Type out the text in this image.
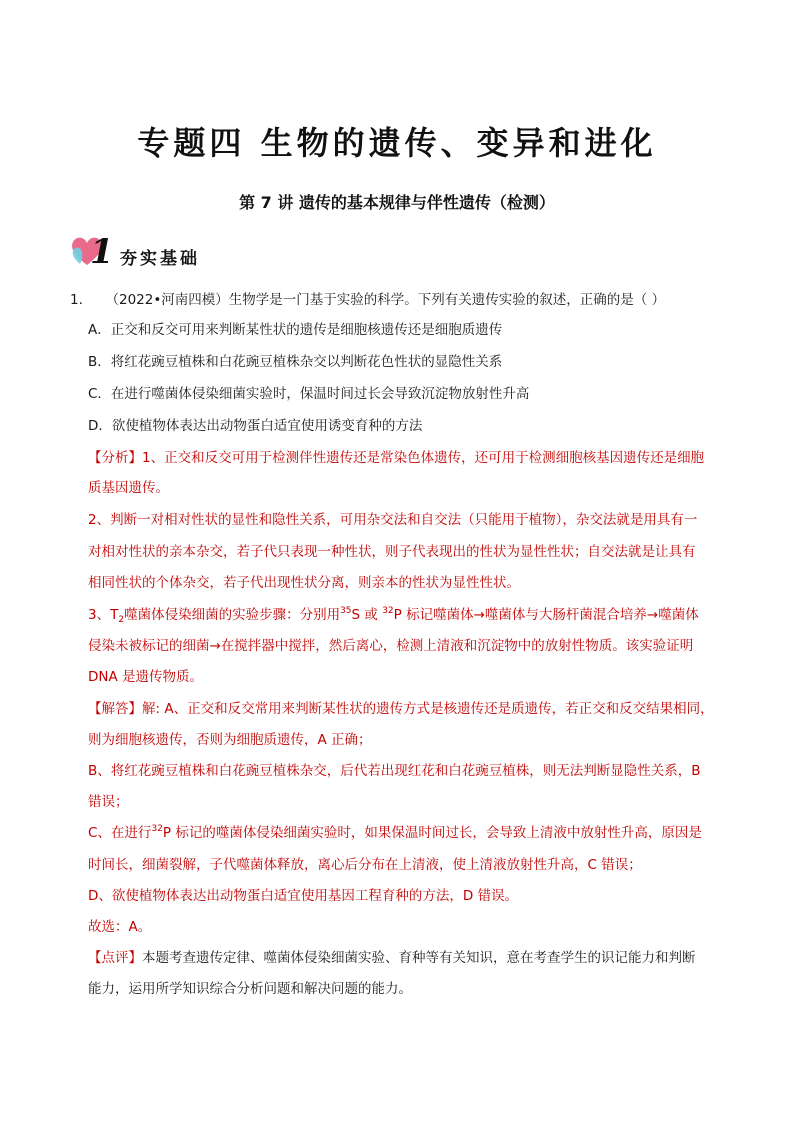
专题四 生物的遗传、变异和进化
第 7 讲 遗传的基本规律与伴性遗传（检测）
1 夯实基础
1. （2022•河南四模）生物学是一门基于实验的科学。下列有关遗传实验的叙述，正确的是（ ）
A．正交和反交可用来判断某性状的遗传是细胞核遗传还是细胞质遗传
B．将红花豌豆植株和白花豌豆植株杂交以判断花色性状的显隐性关系
C．在进行噬菌体侵染细菌实验时，保温时间过长会导致沉淀物放射性升高
D．欲使植物体表达出动物蛋白适宜使用诱变育种的方法
【分析】1、正交和反交可用于检测伴性遗传还是常染色体遗传，还可用于检测细胞核基因遗传还是细胞
质基因遗传。
2、判断一对相对性状的显性和隐性关系，可用杂交法和自交法（只能用于植物），杂交法就是用具有一
对相对性状的亲本杂交，若子代只表现一种性状，则子代表现出的性状为显性性状；自交法就是让具有
相同性状的个体杂交，若子代出现性状分离，则亲本的性状为显性性状。
3、$T_2$噬菌体侵染细菌的实验步骤：分别用$^{35}$S 或 $^{32}$P 标记噬菌体→噬菌体与大肠杆菌混合培养→噬菌体
侵染未被标记的细菌→在搅拌器中搅拌，然后离心，检测上清液和沉淀物中的放射性物质。该实验证明
DNA 是遗传物质。
【解答】解: A、正交和反交常用来判断某性状的遗传方式是核遗传还是质遗传，若正交和反交结果相同，
则为细胞核遗传，否则为细胞质遗传，A 正确；
B、将红花豌豆植株和白花豌豆植株杂交，后代若出现红花和白花豌豆植株，则无法判断显隐性关系，B
错误；
C、在进行$^{32}$P 标记的噬菌体侵染细菌实验时，如果保温时间过长，会导致上清液中放射性升高，原因是
时间长，细菌裂解，子代噬菌体释放，离心后分布在上清液，使上清液放射性升高，C 错误；
D、欲使植物体表达出动物蛋白适宜使用基因工程育种的方法，D 错误。
故选：A。
【点评】本题考查遗传定律、噬菌体侵染细菌实验、育种等有关知识，意在考查学生的识记能力和判断
能力，运用所学知识综合分析问题和解决问题的能力。
